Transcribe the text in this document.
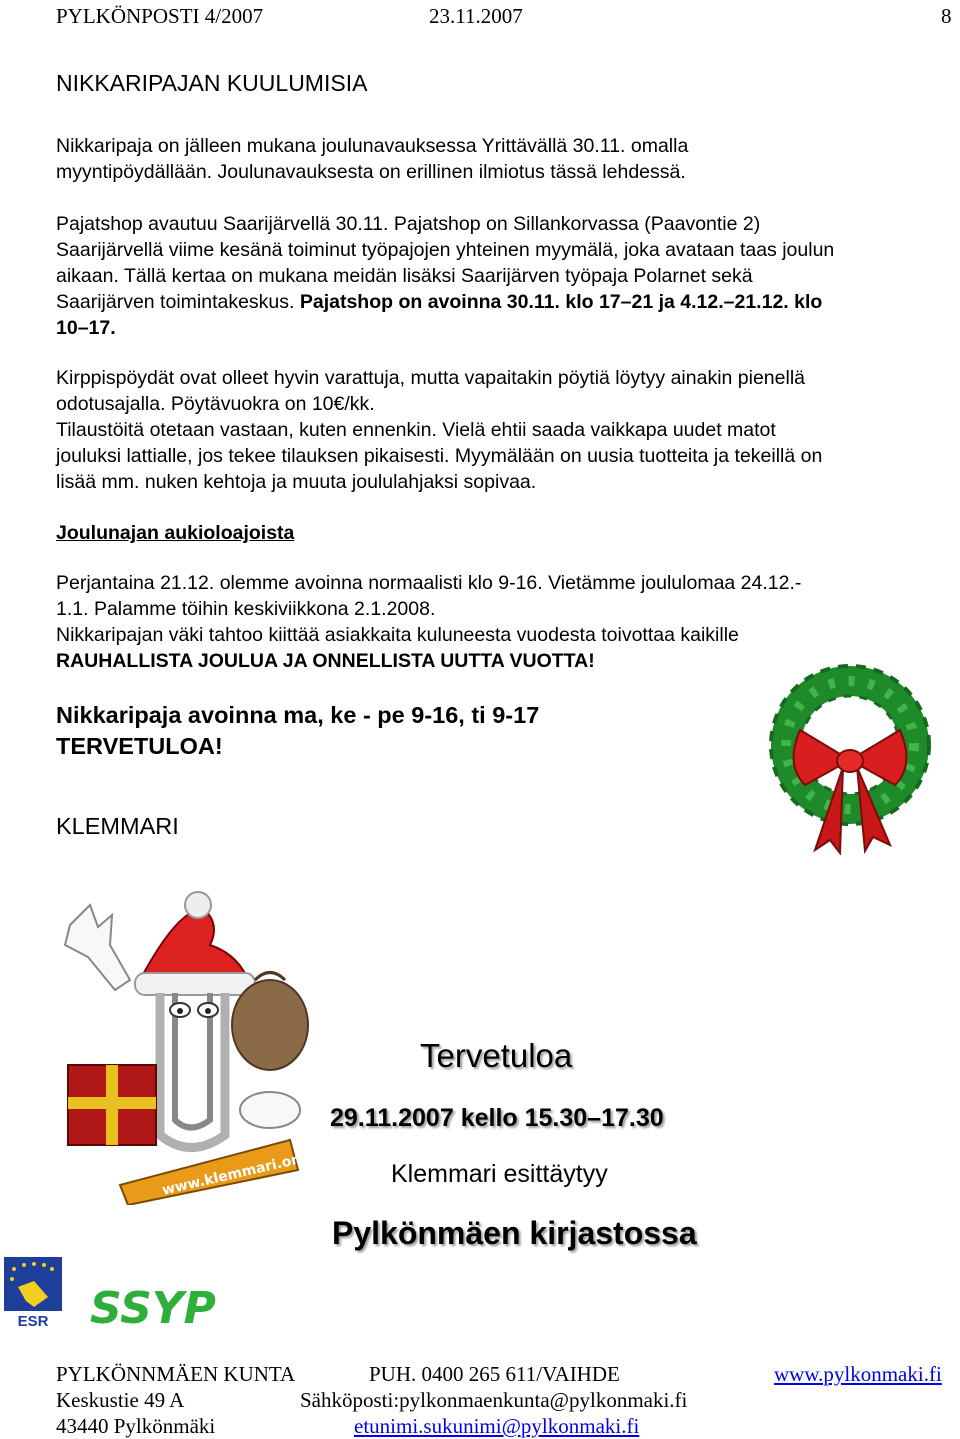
PYLKÖNPOSTI 4/2007	23.11.2007	8
NIKKARIPAJAN KUULUMISIA
Nikkaripaja on jälleen mukana joulunavauksessa Yrittävällä 30.11. omalla
myyntipöydällään. Joulunavauksesta on erillinen ilmiotus tässä lehdessä.
Pajatshop avautuu Saarijärvellä 30.11. Pajatshop on Sillankorvassa (Paavontie 2)
Saarijärvellä viime kesänä toiminut työpajojen yhteinen myymälä, joka avataan taas joulun
aikaan. Tällä kertaa on mukana meidän lisäksi Saarijärven työpaja Polarnet sekä
Saarijärven toimintakeskus. Pajatshop on avoinna 30.11. klo 17–21 ja 4.12.–21.12. klo
10–17.
Kirppispöydät ovat olleet hyvin varattuja, mutta vapaitakin pöytiä löytyy ainakin pienellä
odotusajalla. Pöytävuokra on 10€/kk.
Tilaustöitä otetaan vastaan, kuten ennenkin. Vielä ehtii saada vaikkapa uudet matot
jouluksi lattialle, jos tekee tilauksen pikaisesti. Myymälään on uusia tuotteita ja tekeillä on
lisää mm. nuken kehtoja ja muuta joululahjaksi sopivaa.
Joulunajan aukioloajoista
Perjantaina 21.12. olemme avoinna normaalisti klo 9-16. Vietämme joululomaa 24.12.-
1.1. Palamme töihin keskiviikkona 2.1.2008.
Nikkaripajan väki tahtoo kiittää asiakkaita kuluneesta vuodesta toivottaa kaikille
RAUHALLISTA JOULUA JA ONNELLISTA UUTTA VUOTTA!
Nikkaripaja avoinna ma, ke - pe 9-16, ti 9-17
TERVETULOA!
KLEMMARI
www.klemmari.org
Tervetuloa
29.11.2007 kello 15.30–17.30
Klemmari esittäytyy
Pylkönmäen kirjastossa
ESR SSYP
PYLKÖNNMÄEN KUNTA	PUH. 0400 265 611/VAIHDE	www.pylkonmaki.fi
Keskustie 49 A	Sähköposti:pylkonmaenkunta@pylkonmaki.fi
43440 Pylkönmäki	etunimi.sukunimi@pylkonmaki.fi
